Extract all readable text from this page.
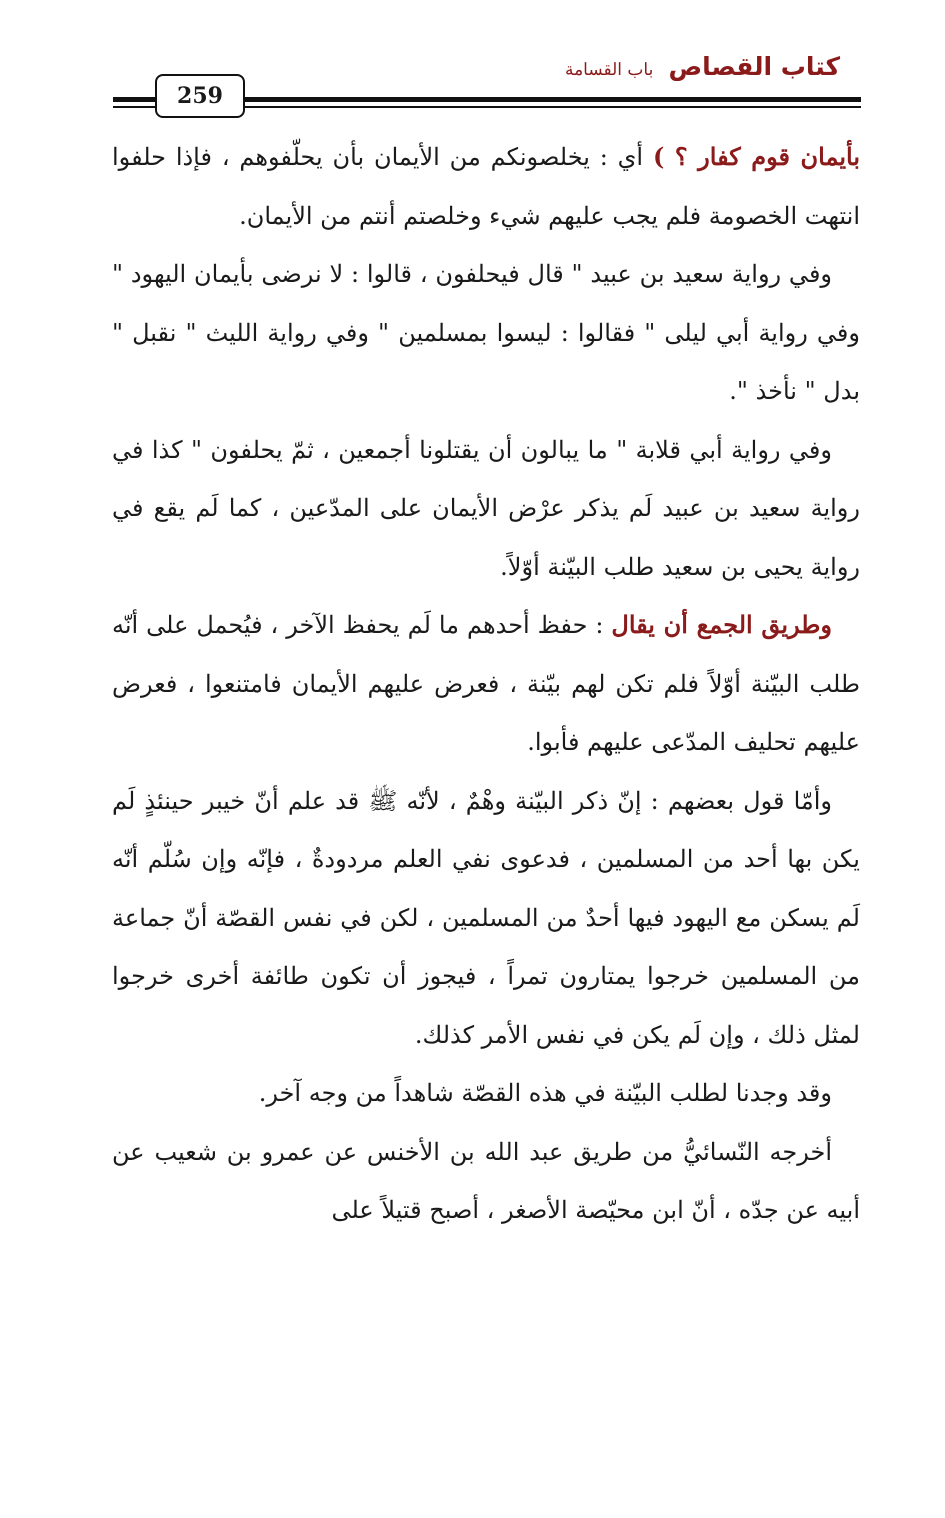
كتاب القصاص باب القسامة
259

بأيمان قوم كفار ؟ ) أي : يخلصونكم من الأيمان بأن يحلّفوهم ، فإذا حلفوا انتهت الخصومة فلم يجب عليهم شيء وخلصتم أنتم من الأيمان.

وفي رواية سعيد بن عبيد " قال فيحلفون ، قالوا : لا نرضى بأيمان اليهود " وفي رواية أبي ليلى " فقالوا : ليسوا بمسلمين " وفي رواية الليث " نقبل " بدل " نأخذ ".

وفي رواية أبي قلابة " ما يبالون أن يقتلونا أجمعين ، ثمّ يحلفون " كذا في رواية سعيد بن عبيد لَم يذكر عرْض الأيمان على المدّعين ، كما لَم يقع في رواية يحيى بن سعيد طلب البيّنة أوّلاً.

وطريق الجمع أن يقال : حفظ أحدهم ما لَم يحفظ الآخر ، فيُحمل على أنّه طلب البيّنة أوّلاً فلم تكن لهم بيّنة ، فعرض عليهم الأيمان فامتنعوا ، فعرض عليهم تحليف المدّعى عليهم فأبوا.

وأمّا قول بعضهم : إنّ ذكر البيّنة وهْمٌ ، لأنّه ﷺ قد علم أنّ خيبر حينئذٍ لَم يكن بها أحد من المسلمين ، فدعوى نفي العلم مردودةٌ ، فإنّه وإن سُلّم أنّه لَم يسكن مع اليهود فيها أحدٌ من المسلمين ، لكن في نفس القصّة أنّ جماعة من المسلمين خرجوا يمتارون تمراً ، فيجوز أن تكون طائفة أخرى خرجوا لمثل ذلك ، وإن لَم يكن في نفس الأمر كذلك.

وقد وجدنا لطلب البيّنة في هذه القصّة شاهداً من وجه آخر.

أخرجه النّسائيُّ من طريق عبد الله بن الأخنس عن عمرو بن شعيب عن أبيه عن جدّه ، أنّ ابن محيّصة الأصغر ، أصبح قتيلاً على
